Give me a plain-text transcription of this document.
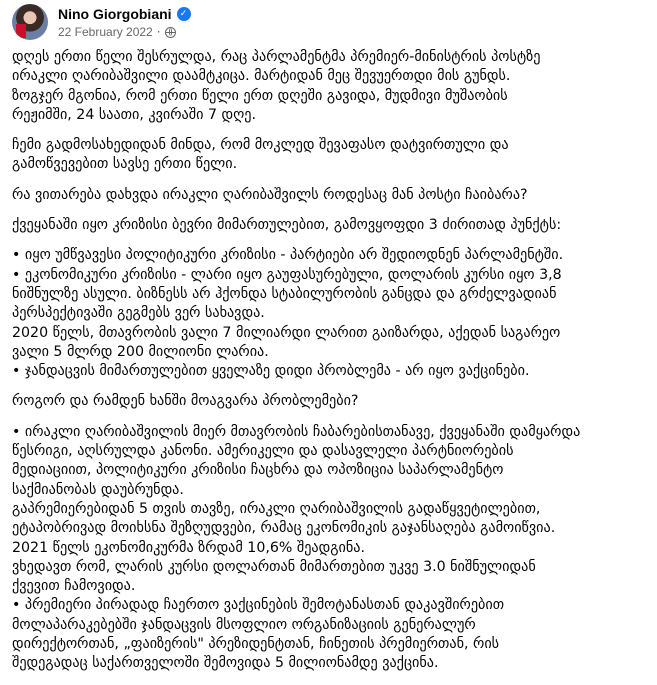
Nino Giorgobiani ✓
22 February 2022 ·
დღეს ერთი წელი შესრულდა, რაც პარლამენტმა პრემიერ-მინისტრის პოსტზე
ირაკლი ღარიბაშვილი დაამტკიცა. მარტიდან მეც შევუერთდი მის გუნდს.
ზოგჯერ მგონია, რომ ერთი წელი ერთ დღეში გავიდა, მუდმივი მუშაობის
რეჟიმში, 24 საათი, კვირაში 7 დღე.
ჩემი გადმოსახედიდან მინდა, რომ მოკლედ შევაფასო დატვირთული და
გამოწვევებით სავსე ერთი წელი.
რა ვითარება დახვდა ირაკლი ღარიბაშვილს როდესაც მან პოსტი ჩაიბარა?
ქვეყანაში იყო კრიზისი ბევრი მიმართულებით, გამოვყოფდი 3 ძირითად პუნქტს:
• იყო უმწვავესი პოლიტიკური კრიზისი - პარტიები არ შედიოდნენ პარლამენტში.
• ეკონომიკური კრიზისი - ლარი იყო გაუფასურებული, დოლარის კურსი იყო 3,8
ნიშნულზე ასული. ბიზნესს არ ჰქონდა სტაბილურობის განცდა და გრძელვადიან
პერსპექტივაში გეგმებს ვერ სახავდა.
2020 წელს, მთავრობის ვალი 7 მილიარდი ლარით გაიზარდა, აქედან საგარეო
ვალი 5 მლრდ 200 მილიონი ლარია.
• ჯანდაცვის მიმართულებით ყველაზე დიდი პრობლემა - არ იყო ვაქცინები.
როგორ და რამდენ ხანში მოაგვარა პრობლემები?
• ირაკლი ღარიბაშვილის მიერ მთავრობის ჩაბარებისთანავე, ქვეყანაში დამყარდა
წესრიგი, აღსრულდა კანონი. ამერიკელი და დასავლელი პარტნიორების
მედიაციით, პოლიტიკური კრიზისი ჩაცხრა და ოპოზიცია საპარლამენტო
საქმიანობას დაუბრუნდა.
გაპრემიერებიდან 5 თვის თავზე, ირაკლი ღარიბაშვილის გადაწყვეტილებით,
ეტაპობრივად მოიხსნა შეზღუდვები, რამაც ეკონომიკის გაჯანსაღება გამოიწვია.
2021 წელს ეკონომიკურმა ზრდამ 10,6% შეადგინა.
ვხედავთ რომ, ლარის კურსი დოლართან მიმართებით უკვე 3.0 ნიშნულიდან
ქვევით ჩამოვიდა.
• პრემიერი პირადად ჩაერთო ვაქცინების შემოტანასთან დაკავშირებით
მოლაპარაკებებში ჯანდაცვის მსოფლიო ორგანიზაციის გენერალურ
დირექტორთან, „ფაიზერის" პრეზიდენტთან, ჩინეთის პრემიერთან, რის
შედეგადაც საქართველოში შემოვიდა 5 მილიონამდე ვაქცინა.
